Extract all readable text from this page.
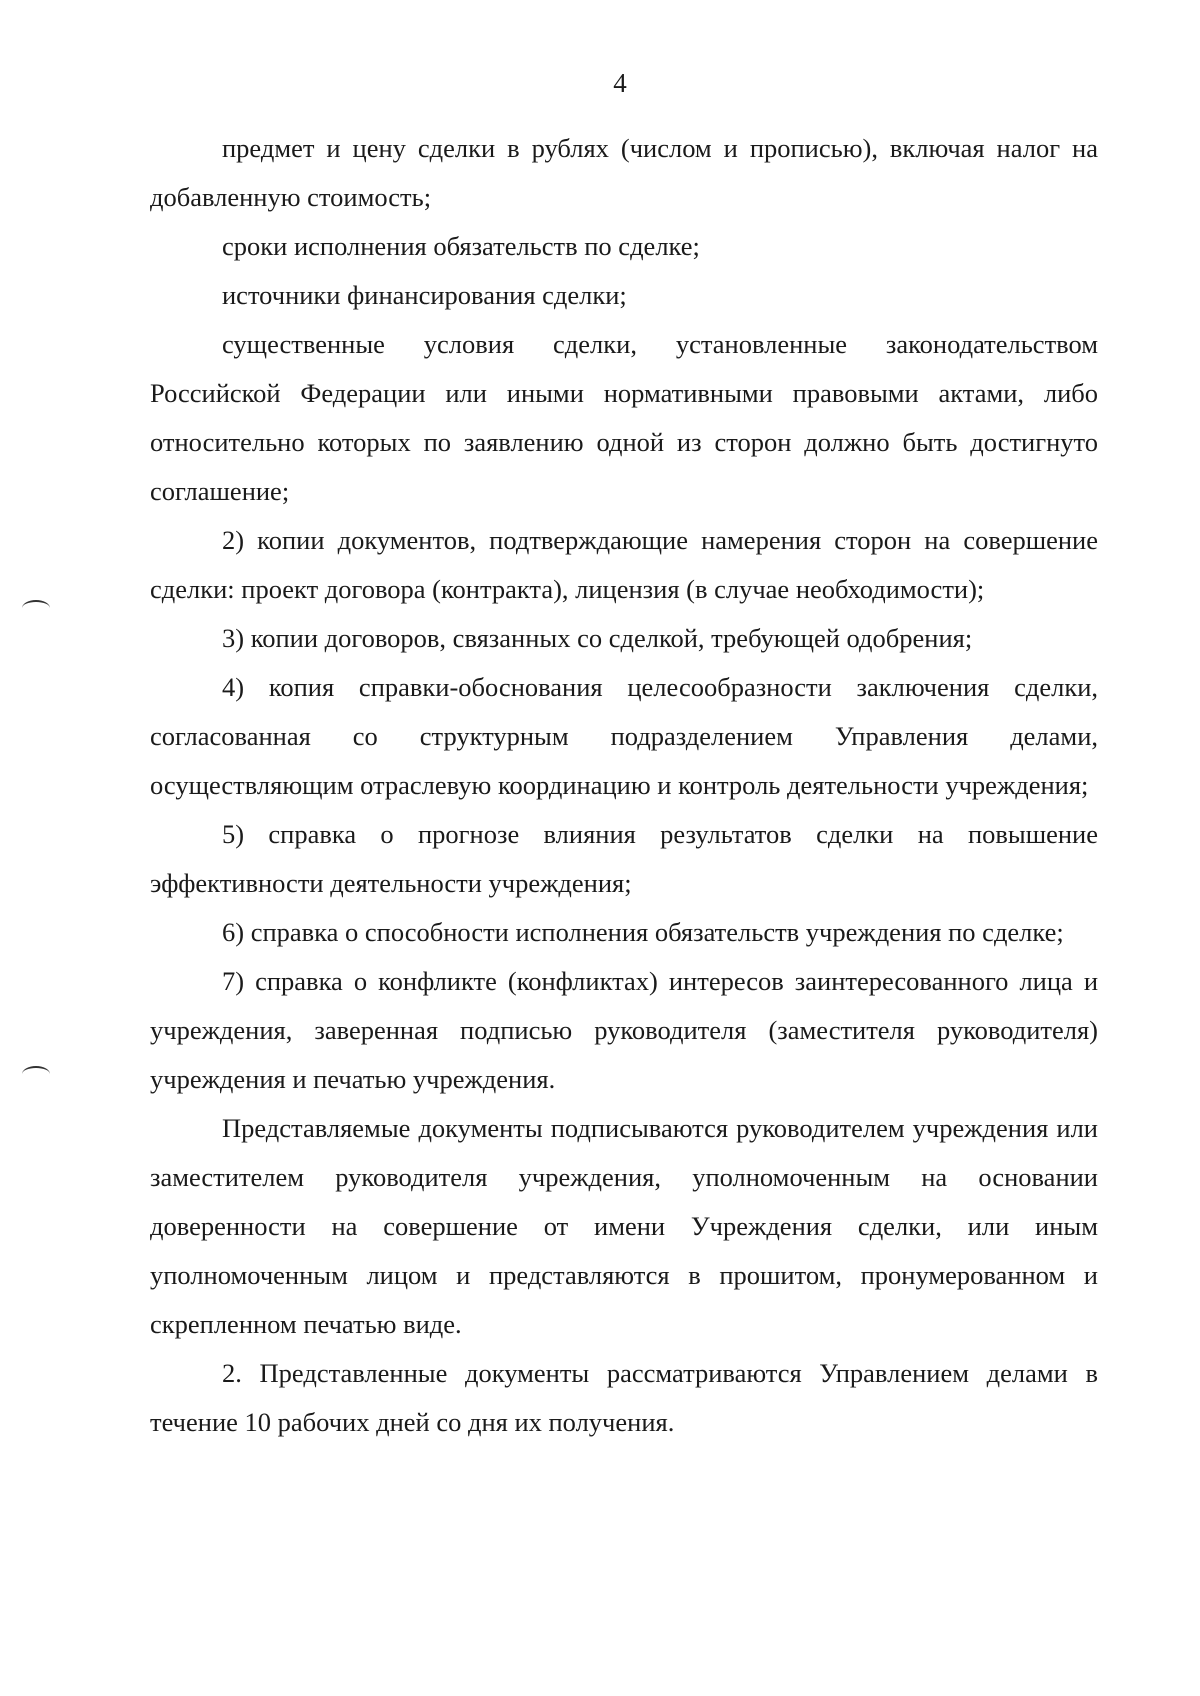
4

предмет и цену сделки в рублях (числом и прописью), включая налог на добавленную стоимость;

сроки исполнения обязательств по сделке;

источники финансирования сделки;

существенные условия сделки, установленные законодательством Российской Федерации или иными нормативными правовыми актами, либо относительно которых по заявлению одной из сторон должно быть достигнуто соглашение;

2) копии документов, подтверждающие намерения сторон на совершение сделки: проект договора (контракта), лицензия (в случае необходимости);

3) копии договоров, связанных со сделкой, требующей одобрения;

4) копия справки-обоснования целесообразности заключения сделки, согласованная со структурным подразделением Управления делами, осуществляющим отраслевую координацию и контроль деятельности учреждения;

5) справка о прогнозе влияния результатов сделки на повышение эффективности деятельности учреждения;

6) справка о способности исполнения обязательств учреждения по сделке;

7) справка о конфликте (конфликтах) интересов заинтересованного лица и учреждения, заверенная подписью руководителя (заместителя руководителя) учреждения и печатью учреждения.

Представляемые документы подписываются руководителем учреждения или заместителем руководителя учреждения, уполномоченным на основании доверенности на совершение от имени Учреждения сделки, или иным уполномоченным лицом и представляются в прошитом, пронумерованном и скрепленном печатью виде.

2. Представленные документы рассматриваются Управлением делами в течение 10 рабочих дней со дня их получения.
